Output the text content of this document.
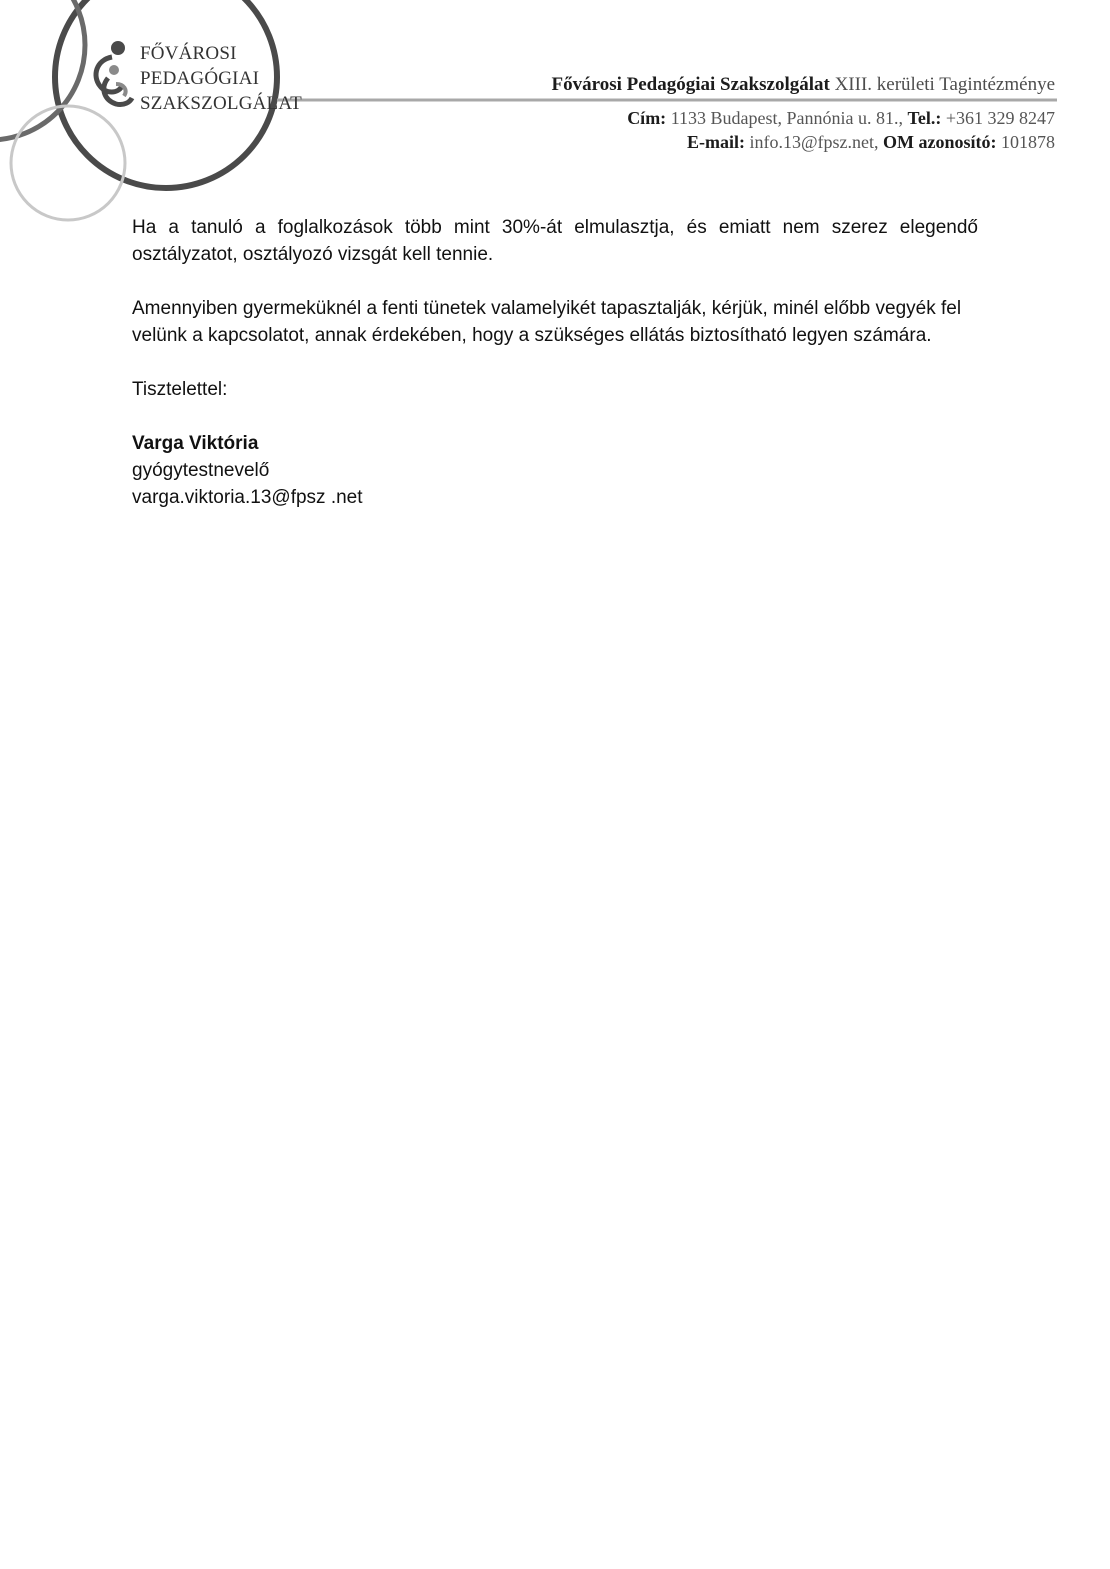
FŐVÁROSI
PEDAGÓGIAI
SZAKSZOLGÁLAT
Fővárosi Pedagógiai Szakszolgálat XIII. kerületi Tagintézménye
Cím: 1133 Budapest, Pannónia u. 81., Tel.: +361 329 8247
E-mail: info.13@fpsz.net, OM azonosító: 101878

Ha a tanuló a foglalkozások több mint 30%-át elmulasztja, és emiatt nem szerez elegendő osztályzatot, osztályozó vizsgát kell tennie.

Amennyiben gyermeküknél a fenti tünetek valamelyikét tapasztalják, kérjük, minél előbb vegyék fel velünk a kapcsolatot, annak érdekében, hogy a szükséges ellátás biztosítható legyen számára.

Tisztelettel:

Varga Viktória
gyógytestnevelő
varga.viktoria.13@fpsz .net
